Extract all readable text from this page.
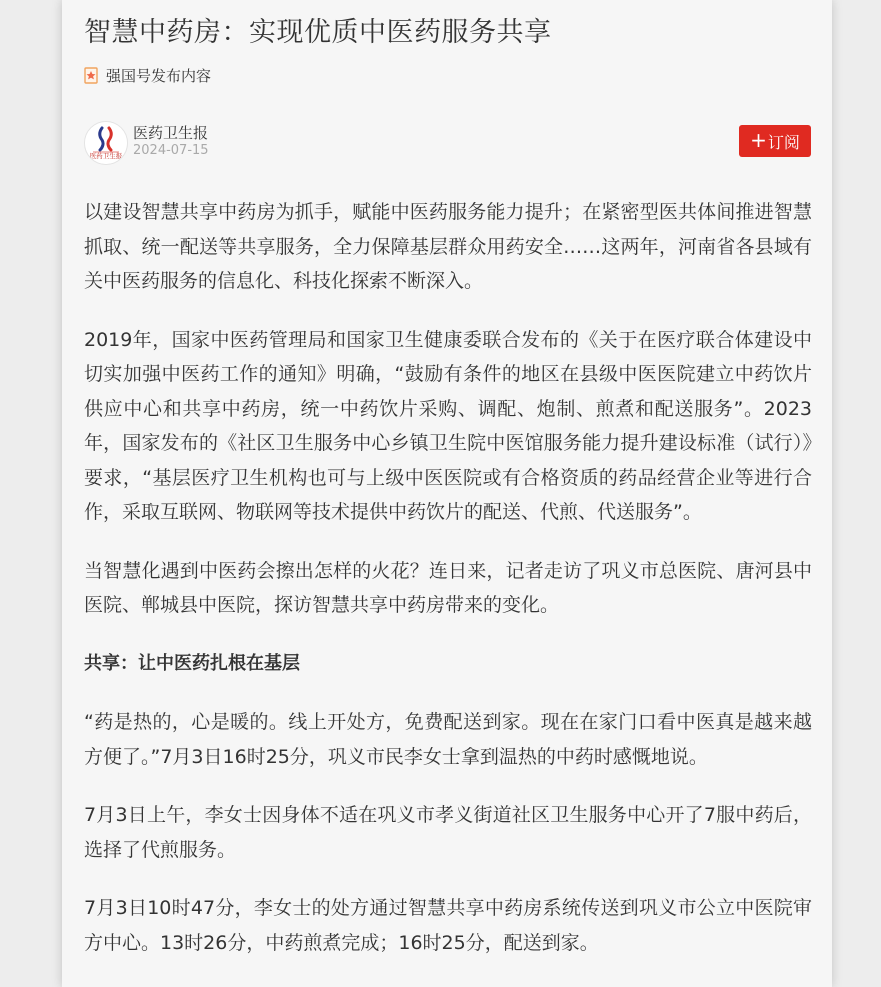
智慧中药房：实现优质中医药服务共享
强国号发布内容
医药卫生报
医药卫生报
2024-07-15	+ 订阅

以建设智慧共享中药房为抓手，赋能中医药服务能力提升；在紧密型医共体间推进智慧抓取、统一配送等共享服务，全力保障基层群众用药安全……这两年，河南省各县域有关中医药服务的信息化、科技化探索不断深入。

2019年，国家中医药管理局和国家卫生健康委联合发布的《关于在医疗联合体建设中切实加强中医药工作的通知》明确，“鼓励有条件的地区在县级中医医院建立中药饮片供应中心和共享中药房，统一中药饮片采购、调配、炮制、煎煮和配送服务”。2023年，国家发布的《社区卫生服务中心乡镇卫生院中医馆服务能力提升建设标准（试行）》要求，“基层医疗卫生机构也可与上级中医医院或有合格资质的药品经营企业等进行合作，采取互联网、物联网等技术提供中药饮片的配送、代煎、代送服务”。

当智慧化遇到中医药会擦出怎样的火花？连日来，记者走访了巩义市总医院、唐河县中医院、郸城县中医院，探访智慧共享中药房带来的变化。

共享：让中医药扎根在基层

“药是热的，心是暖的。线上开处方，免费配送到家。现在在家门口看中医真是越来越方便了。”7月3日16时25分，巩义市民李女士拿到温热的中药时感慨地说。

7月3日上午，李女士因身体不适在巩义市孝义街道社区卫生服务中心开了7服中药后，选择了代煎服务。

7月3日10时47分，李女士的处方通过智慧共享中药房系统传送到巩义市公立中医院审方中心。13时26分，中药煎煮完成；16时25分，配送到家。
